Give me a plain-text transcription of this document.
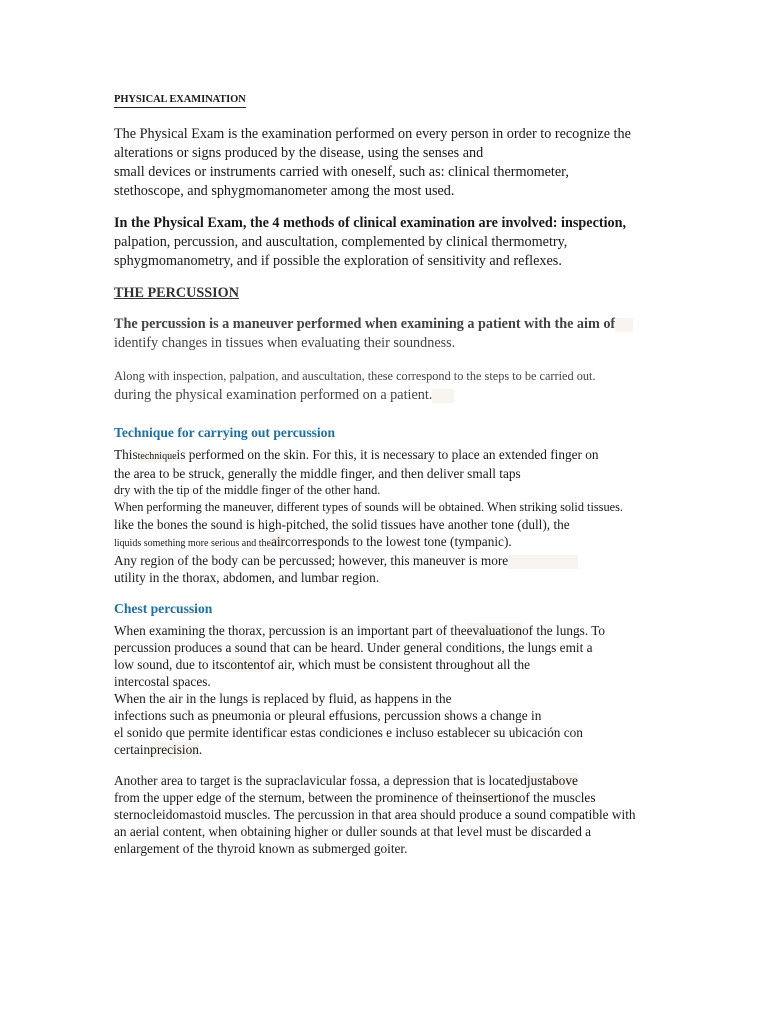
PHYSICAL EXAMINATION
The Physical Exam is the examination performed on every person in order to recognize the
alterations or signs produced by the disease, using the senses and
small devices or instruments carried with oneself, such as: clinical thermometer,
stethoscope, and sphygmomanometer among the most used.
In the Physical Exam, the 4 methods of clinical examination are involved: inspection,
palpation, percussion, and auscultation, complemented by clinical thermometry,
sphygmomanometry, and if possible the exploration of sensitivity and reflexes.
THE PERCUSSION
The percussion is a maneuver performed when examining a patient with the aim of
identify changes in tissues when evaluating their soundness.
Along with inspection, palpation, and auscultation, these correspond to the steps to be carried out.
during the physical examination performed on a patient.
Technique for carrying out percussion
Thistechniqueis performed on the skin. For this, it is necessary to place an extended finger on
the area to be struck, generally the middle finger, and then deliver small taps
dry with the tip of the middle finger of the other hand.
When performing the maneuver, different types of sounds will be obtained. When striking solid tissues.
like the bones the sound is high-pitched, the solid tissues have another tone (dull), the
liquids something more serious and theaircorresponds to the lowest tone (tympanic).
Any region of the body can be percussed; however, this maneuver is more
utility in the thorax, abdomen, and lumbar region.
Chest percussion
When examining the thorax, percussion is an important part of theevaluationof the lungs. To
percussion produces a sound that can be heard. Under general conditions, the lungs emit a
low sound, due to itscontentof air, which must be consistent throughout all the
intercostal spaces.
When the air in the lungs is replaced by fluid, as happens in the
infections such as pneumonia or pleural effusions, percussion shows a change in
el sonido que permite identificar estas condiciones e incluso establecer su ubicación con
certainprecision.
Another area to target is the supraclavicular fossa, a depression that is locatedjustabove
from the upper edge of the sternum, between the prominence of theinsertionof the muscles
sternocleidomastoid muscles. The percussion in that area should produce a sound compatible with
an aerial content, when obtaining higher or duller sounds at that level must be discarded a
enlargement of the thyroid known as submerged goiter.
